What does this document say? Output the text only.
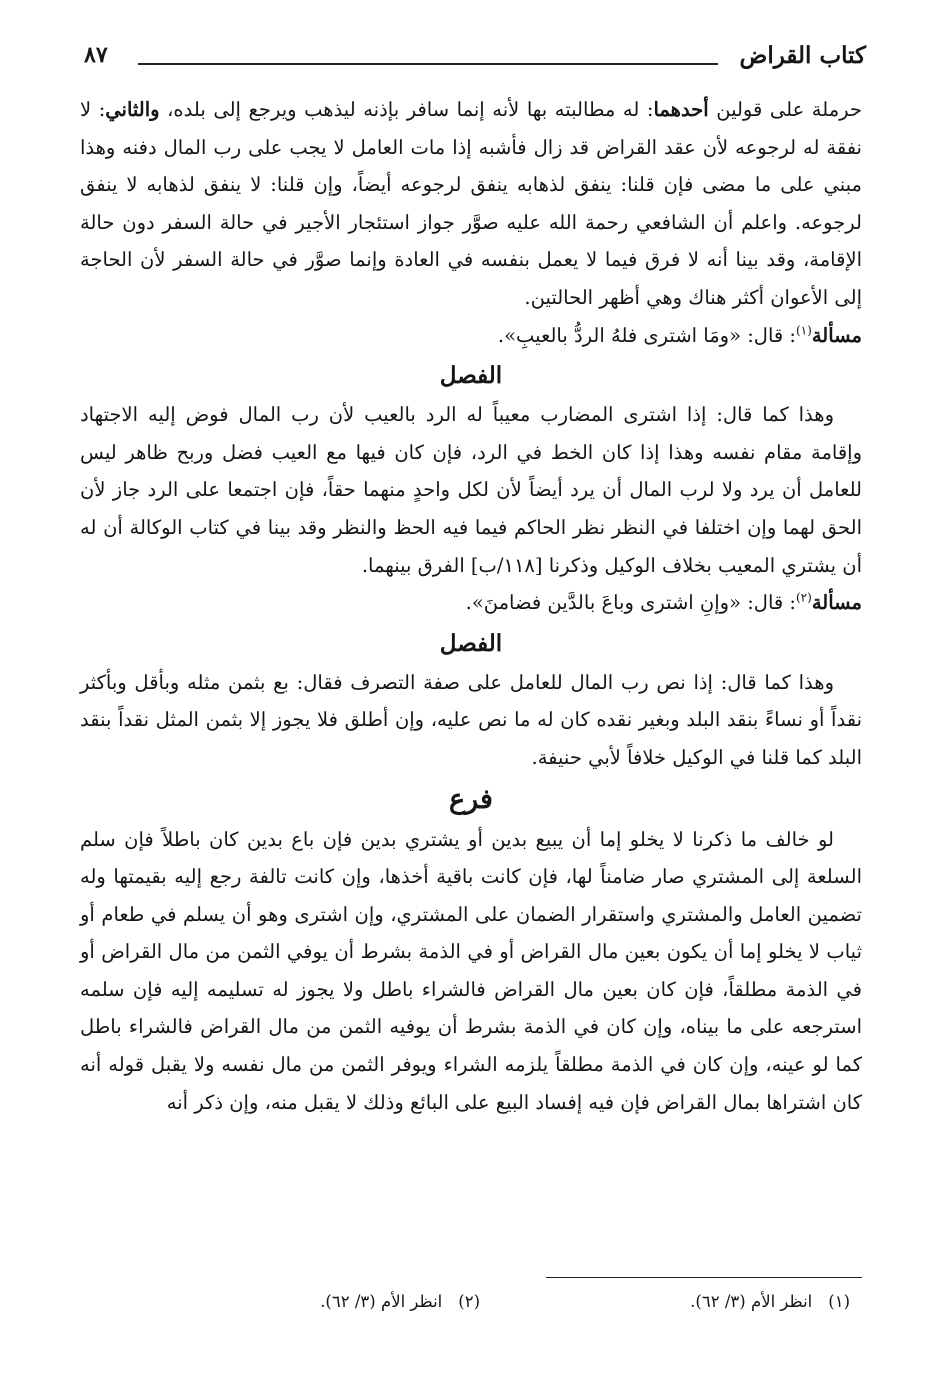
كتاب القراض
٨٧

حرملة على قولين أحدهما: له مطالبته بها لأنه إنما سافر بإذنه ليذهب ويرجع إلى بلده، والثاني: لا نفقة له لرجوعه لأن عقد القراض قد زال فأشبه إذا مات العامل لا يجب على رب المال دفنه وهذا مبني على ما مضى فإن قلنا: ينفق لذهابه ينفق لرجوعه أيضاً، وإن قلنا: لا ينفق لذهابه لا ينفق لرجوعه. واعلم أن الشافعي رحمة الله عليه صوَّر جواز استئجار الأجير في حالة السفر دون حالة الإقامة، وقد بينا أنه لا فرق فيما لا يعمل بنفسه في العادة وإنما صوَّر في حالة السفر لأن الحاجة إلى الأعوان أكثر هناك وهي أظهر الحالتين.

مسألة$^{(١)}$: قال: «ومَا اشترى فلهُ الردُّ بالعيبِ».

الفصل

وهذا كما قال: إذا اشترى المضارب معيباً له الرد بالعيب لأن رب المال فوض إليه الاجتهاد وإقامة مقام نفسه وهذا إذا كان الخط في الرد، فإن كان فيها مع العيب فضل وربح ظاهر ليس للعامل أن يرد ولا لرب المال أن يرد أيضاً لأن لكل واحدٍ منهما حقاً، فإن اجتمعا على الرد جاز لأن الحق لهما وإن اختلفا في النظر نظر الحاكم فيما فيه الحظ والنظر وقد بينا في كتاب الوكالة أن له أن يشتري المعيب بخلاف الوكيل وذكرنا [١١٨/ب] الفرق بينهما.

مسألة$^{(٢)}$: قال: «وإنِ اشترى وباعَ بالدَّين فضامنَ».

الفصل

وهذا كما قال: إذا نص رب المال للعامل على صفة التصرف فقال: بع بثمن مثله وبأقل وبأكثر نقداً أو نساءً بنقد البلد وبغير نقده كان له ما نص عليه، وإن أطلق فلا يجوز إلا بثمن المثل نقداً بنقد البلد كما قلنا في الوكيل خلافاً لأبي حنيفة.

فرع

لو خالف ما ذكرنا لا يخلو إما أن يبيع بدين أو يشتري بدين فإن باع بدين كان باطلاً فإن سلم السلعة إلى المشتري صار ضامناً لها، فإن كانت باقية أخذها، وإن كانت تالفة رجع إليه بقيمتها وله تضمين العامل والمشتري واستقرار الضمان على المشتري، وإن اشترى وهو أن يسلم في طعام أو ثياب لا يخلو إما أن يكون بعين مال القراض أو في الذمة بشرط أن يوفي الثمن من مال القراض أو في الذمة مطلقاً، فإن كان بعين مال القراض فالشراء باطل ولا يجوز له تسليمه إليه فإن سلمه استرجعه على ما بيناه، وإن كان في الذمة بشرط أن يوفيه الثمن من مال القراض فالشراء باطل كما لو عينه، وإن كان في الذمة مطلقاً يلزمه الشراء ويوفر الثمن من مال نفسه ولا يقبل قوله أنه كان اشتراها بمال القراض فإن فيه إفساد البيع على البائع وذلك لا يقبل منه، وإن ذكر أنه

(١)انظر الأم (٣/ ٦٢).
(٢)انظر الأم (٣/ ٦٢).
